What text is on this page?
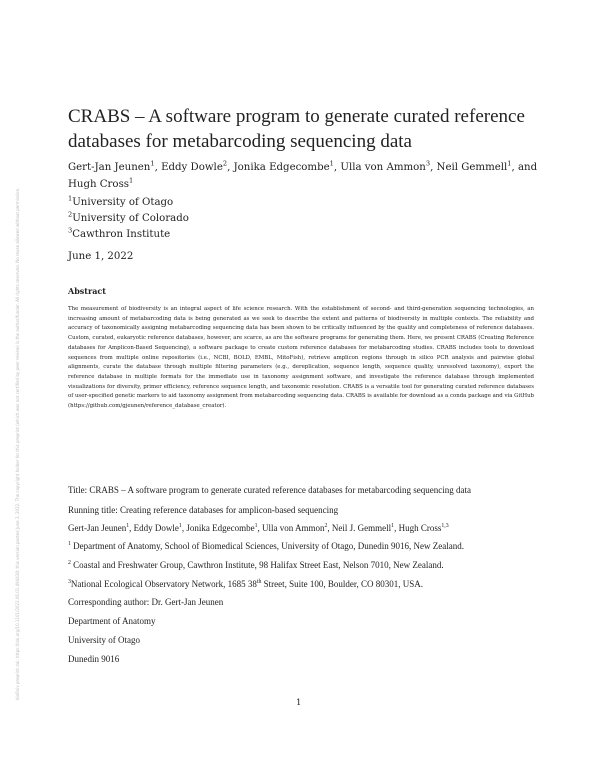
bioRxiv preprint doi: https://doi.org/10.1101/2022.06.01.494438; this version posted June 3, 2022. The copyright holder for this preprint (which was not certified by peer review) is the author/funder. All rights reserved. No reuse allowed without permission.
CRABS – A software program to generate curated reference databases for metabarcoding sequencing data
Gert-Jan Jeunen$^1$, Eddy Dowle$^2$, Jonika Edgecombe$^1$, Ulla von Ammon$^3$, Neil Gemmell$^1$, and Hugh Cross$^1$
$^1$University of Otago
$^2$University of Colorado
$^3$Cawthron Institute
June 1, 2022
Abstract
The measurement of biodiversity is an integral aspect of life science research. With the establishment of second- and third-generation sequencing technologies, an increasing amount of metabarcoding data is being generated as we seek to describe the extent and patterns of biodiversity in multiple contexts. The reliability and accuracy of taxonomically assigning metabarcoding sequencing data has been shown to be critically influenced by the quality and completeness of reference databases. Custom, curated, eukaryotic reference databases, however, are scarce, as are the software programs for generating them. Here, we present CRABS (Creating Reference databases for Amplicon-Based Sequencing), a software package to create custom reference databases for metabarcoding studies. CRABS includes tools to download sequences from multiple online repositories (i.e., NCBI, BOLD, EMBL, MitoFish), retrieve amplicon regions through in silico PCR analysis and pairwise global alignments, curate the database through multiple filtering parameters (e.g., dereplication, sequence length, sequence quality, unresolved taxonomy), export the reference database in multiple formats for the immediate use in taxonomy assignment software, and investigate the reference database through implemented visualizations for diversity, primer efficiency, reference sequence length, and taxonomic resolution. CRABS is a versatile tool for generating curated reference databases of user-specified genetic markers to aid taxonomy assignment from metabarcoding sequencing data. CRABS is available for download as a conda package and via GitHub (https://github.com/gjeunen/reference_database_creator).

Title: CRABS – A software program to generate curated reference databases for metabarcoding sequencing data

Running title: Creating reference databases for amplicon-based sequencing

Gert-Jan Jeunen$^1$, Eddy Dowle$^1$, Jonika Edgecombe$^1$, Ulla von Ammon$^2$, Neil J. Gemmell$^1$, Hugh Cross$^{1,3}$

$^1$ Department of Anatomy, School of Biomedical Sciences, University of Otago, Dunedin 9016, New Zealand.

$^2$ Coastal and Freshwater Group, Cawthron Institute, 98 Halifax Street East, Nelson 7010, New Zealand.

$^3$National Ecological Observatory Network, 1685 38th Street, Suite 100, Boulder, CO 80301, USA.

Corresponding author: Dr. Gert-Jan Jeunen

Department of Anatomy

University of Otago

Dunedin 9016

1
